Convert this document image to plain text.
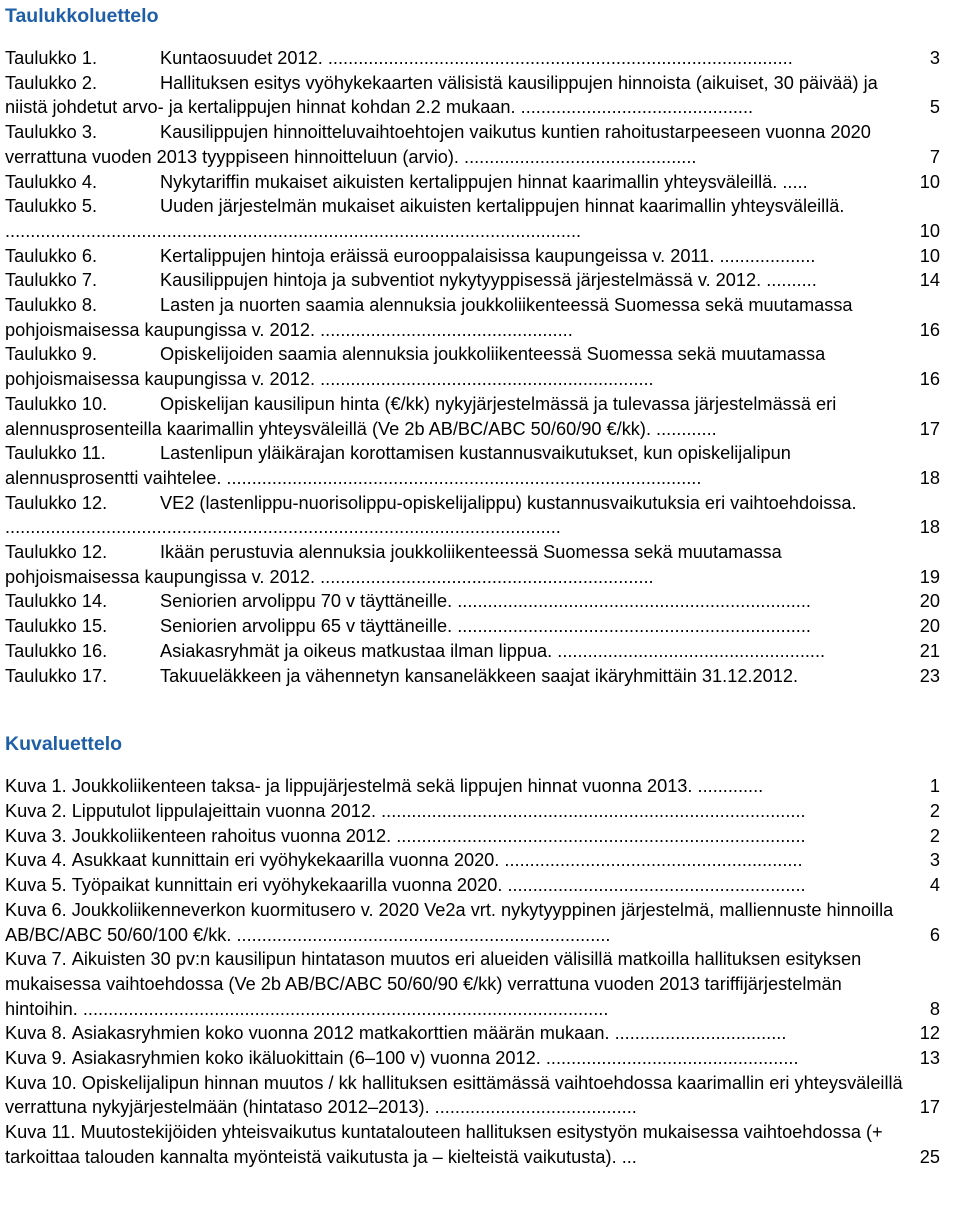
Taulukkoluettelo
Taulukko 1.	Kuntaosuudet 2012. ............................................................................................	3
Taulukko 2.	Hallituksen esitys vyöhykekaarten välisistä kausilippujen hinnoista (aikuiset, 30 päivää) ja niistä johdetut arvo- ja kertalippujen hinnat kohdan 2.2 mukaan. ..............................................	5
Taulukko 3.	Kausilippujen hinnoitteluvaihtoehtojen vaikutus kuntien rahoitustarpeeseen vuonna 2020 verrattuna vuoden 2013 tyyppiseen hinnoitteluun (arvio). ..............................................	7
Taulukko 4.	Nykytariffin mukaiset aikuisten kertalippujen hinnat kaarimallin yhteysväleillä. .....	10
Taulukko 5.	Uuden järjestelmän mukaiset aikuisten kertalippujen hinnat kaarimallin yhteysväleillä. ..................................................................................................................	10
Taulukko 6.	Kertalippujen hintoja eräissä eurooppalaisissa kaupungeissa v. 2011. ...................	10
Taulukko 7.	Kausilippujen hintoja ja subventiot nykytyyppisessä järjestelmässä v. 2012. ..........	14
Taulukko 8.	Lasten ja nuorten saamia alennuksia joukkoliikenteessä Suomessa sekä muutamassa pohjoismaisessa kaupungissa v. 2012. ..................................................	16
Taulukko 9.	Opiskelijoiden saamia alennuksia joukkoliikenteessä Suomessa sekä muutamassa pohjoismaisessa kaupungissa v. 2012. ..................................................................	16
Taulukko 10.	Opiskelijan kausilipun hinta (€/kk) nykyjärjestelmässä ja tulevassa järjestelmässä eri alennusprosenteilla kaarimallin yhteysväleillä (Ve 2b AB/BC/ABC 50/60/90 €/kk). ............	17
Taulukko 11.	Lastenlipun yläikärajan korottamisen kustannusvaikutukset, kun opiskelijalipun alennusprosentti vaihtelee. ..............................................................................................	18
Taulukko 12.	VE2 (lastenlippu-nuorisolippu-opiskelijalippu) kustannusvaikutuksia eri vaihtoehdoissa. ..............................................................................................................	18
Taulukko 12.	Ikään perustuvia alennuksia joukkoliikenteessä Suomessa sekä muutamassa pohjoismaisessa kaupungissa v. 2012. ..................................................................	19
Taulukko 14.	Seniorien arvolippu 70 v täyttäneille. ......................................................................	20
Taulukko 15.	Seniorien arvolippu 65 v täyttäneille. ......................................................................	20
Taulukko 16.	Asiakasryhmät ja oikeus matkustaa ilman lippua. .....................................................	21
Taulukko 17.	Takuueläkkeen ja vähennetyn kansaneläkkeen saajat ikäryhmittäin 31.12.2012.	23
Kuvaluettelo
Kuva 1. Joukkoliikenteen taksa- ja lippujärjestelmä sekä lippujen hinnat vuonna 2013. .............	1
Kuva 2. Lipputulot lippulajeittain vuonna 2012. ....................................................................................	2
Kuva 3. Joukkoliikenteen rahoitus vuonna 2012. .................................................................................	2
Kuva 4. Asukkaat kunnittain eri vyöhykekaarilla vuonna 2020. ...........................................................	3
Kuva 5. Työpaikat kunnittain eri vyöhykekaarilla vuonna 2020. ...........................................................	4
Kuva 6. Joukkoliikenneverkon kuormitusero v. 2020 Ve2a vrt. nykytyyppinen järjestelmä, malliennuste hinnoilla AB/BC/ABC 50/60/100 €/kk. ..........................................................................	6
Kuva 7. Aikuisten 30 pv:n kausilipun hintatason muutos eri alueiden välisillä matkoilla hallituksen esityksen mukaisessa vaihtoehdossa (Ve 2b AB/BC/ABC 50/60/90 €/kk) verrattuna vuoden 2013 tariffijärjestelmän hintoihin. ........................................................................................................	8
Kuva 8. Asiakasryhmien koko vuonna 2012 matkakorttien määrän mukaan. ..................................	12
Kuva 9. Asiakasryhmien koko ikäluokittain (6–100 v) vuonna 2012. ..................................................	13
Kuva 10. Opiskelijalipun hinnan muutos / kk hallituksen esittämässä vaihtoehdossa kaarimallin eri yhteysväleillä verrattuna nykyjärjestelmään (hintataso 2012–2013). ........................................	17
Kuva 11. Muutostekijöiden yhteisvaikutus kuntatalouteen hallituksen esitystyön mukaisessa vaihtoehdossa (+ tarkoittaa talouden kannalta myönteistä vaikutusta ja – kielteistä vaikutusta). ...	25
